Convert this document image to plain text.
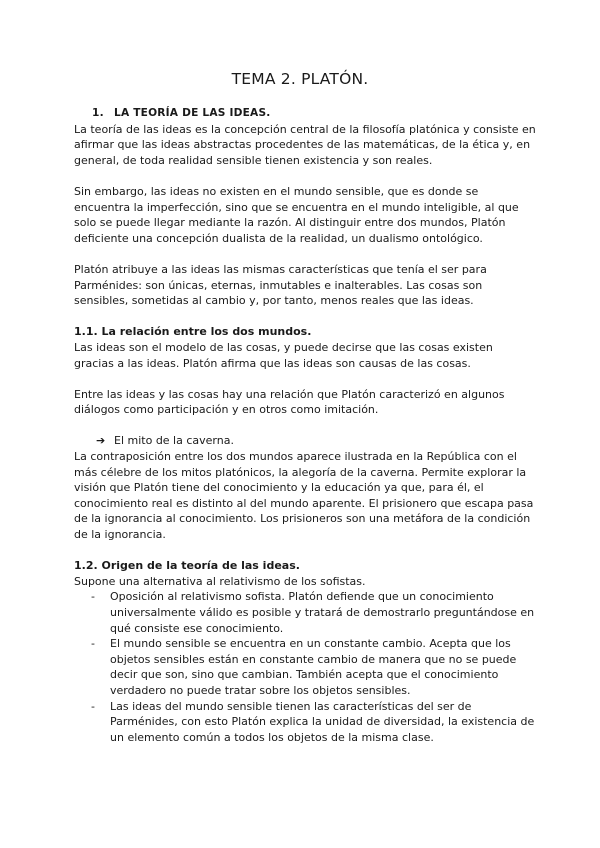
TEMA 2. PLATÓN.

1. LA TEORÍA DE LAS IDEAS.

La teoría de las ideas es la concepción central de la filosofía platónica y consiste en afirmar que las ideas abstractas procedentes de las matemáticas, de la ética y, en general, de toda realidad sensible tienen existencia y son reales.

Sin embargo, las ideas no existen en el mundo sensible, que es donde se encuentra la imperfección, sino que se encuentra en el mundo inteligible, al que solo se puede llegar mediante la razón. Al distinguir entre dos mundos, Platón deficiente una concepción dualista de la realidad, un dualismo ontológico.

Platón atribuye a las ideas las mismas características que tenía el ser para Parménides: son únicas, eternas, inmutables e inalterables. Las cosas son sensibles, sometidas al cambio y, por tanto, menos reales que las ideas.

1.1. La relación entre los dos mundos.

Las ideas son el modelo de las cosas, y puede decirse que las cosas existen gracias a las ideas. Platón afirma que las ideas son causas de las cosas.

Entre las ideas y las cosas hay una relación que Platón caracterizó en algunos diálogos como participación y en otros como imitación.

➔ El mito de la caverna.

La contraposición entre los dos mundos aparece ilustrada en la República con el más célebre de los mitos platónicos, la alegoría de la caverna. Permite explorar la visión que Platón tiene del conocimiento y la educación ya que, para él, el conocimiento real es distinto al del mundo aparente. El prisionero que escapa pasa de la ignorancia al conocimiento. Los prisioneros son una metáfora de la condición de la ignorancia.

1.2. Origen de la teoría de las ideas.

Supone una alternativa al relativismo de los sofistas.

- Oposición al relativismo sofista. Platón defiende que un conocimiento universalmente válido es posible y tratará de demostrarlo preguntándose en qué consiste ese conocimiento.
- El mundo sensible se encuentra en un constante cambio. Acepta que los objetos sensibles están en constante cambio de manera que no se puede decir que son, sino que cambian. También acepta que el conocimiento verdadero no puede tratar sobre los objetos sensibles.
- Las ideas del mundo sensible tienen las características del ser de Parménides, con esto Platón explica la unidad de diversidad, la existencia de un elemento común a todos los objetos de la misma clase.
